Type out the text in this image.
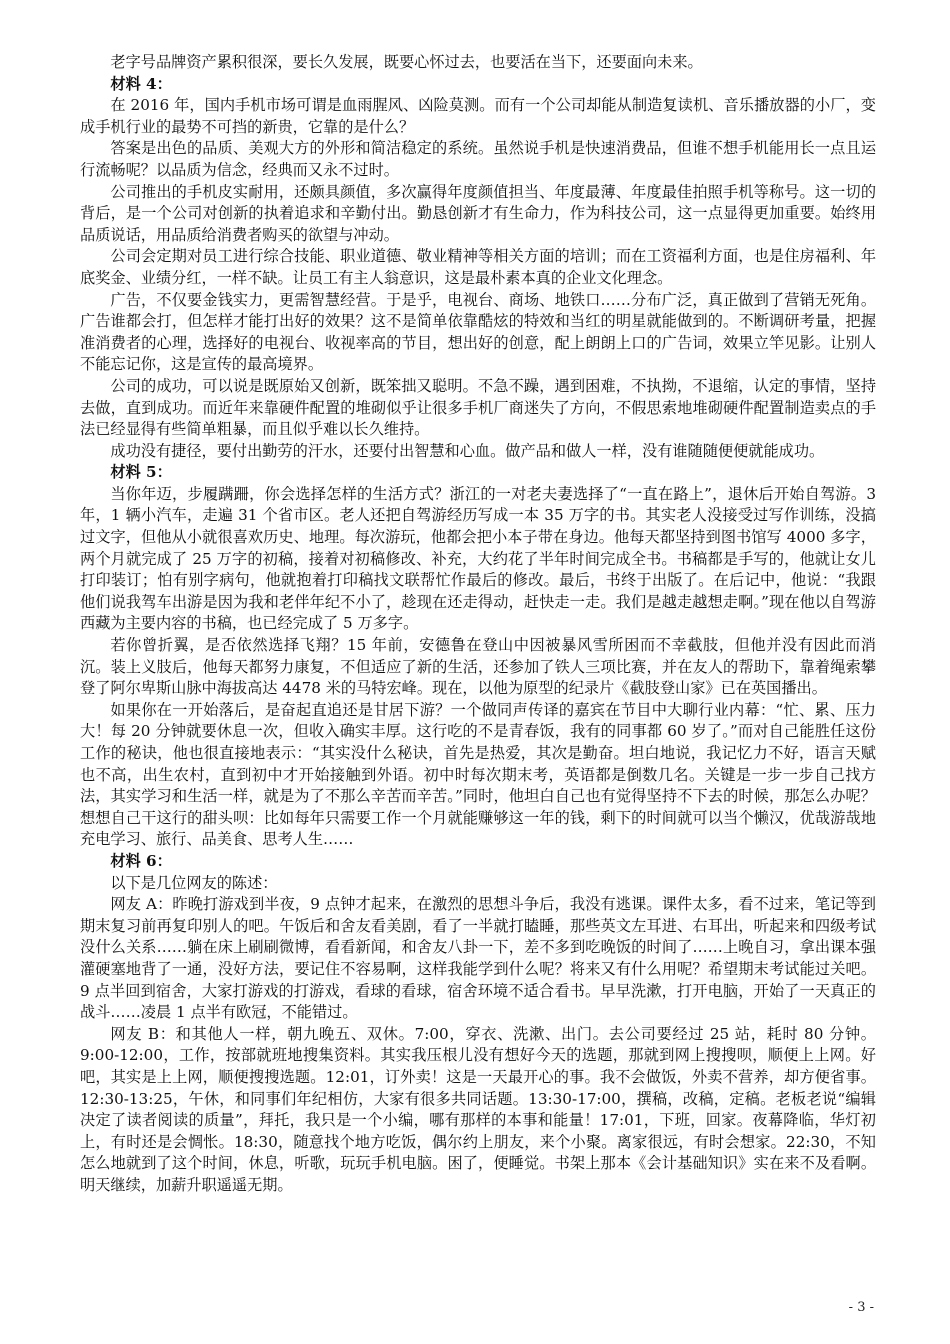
老字号品牌资产累积很深，要长久发展，既要心怀过去，也要活在当下，还要面向未来。

材料 4：

在 2016 年，国内手机市场可谓是血雨腥风、凶险莫测。而有一个公司却能从制造复读机、音乐播放器的小厂，变成手机行业的最势不可挡的新贵，它靠的是什么？

答案是出色的品质、美观大方的外形和简洁稳定的系统。虽然说手机是快速消费品，但谁不想手机能用长一点且运行流畅呢？以品质为信念，经典而又永不过时。

公司推出的手机皮实耐用，还颇具颜值，多次赢得年度颜值担当、年度最薄、年度最佳拍照手机等称号。这一切的背后，是一个公司对创新的执着追求和辛勤付出。勤恳创新才有生命力，作为科技公司，这一点显得更加重要。始终用品质说话，用品质给消费者购买的欲望与冲动。

公司会定期对员工进行综合技能、职业道德、敬业精神等相关方面的培训；而在工资福利方面，也是住房福利、年底奖金、业绩分红，一样不缺。让员工有主人翁意识，这是最朴素本真的企业文化理念。

广告，不仅要金钱实力，更需智慧经营。于是乎，电视台、商场、地铁口……分布广泛，真正做到了营销无死角。广告谁都会打，但怎样才能打出好的效果？这不是简单依靠酷炫的特效和当红的明星就能做到的。不断调研考量，把握准消费者的心理，选择好的电视台、收视率高的节目，想出好的创意，配上朗朗上口的广告词，效果立竿见影。让别人不能忘记你，这是宣传的最高境界。

公司的成功，可以说是既原始又创新，既笨拙又聪明。不急不躁，遇到困难，不执拗，不退缩，认定的事情，坚持去做，直到成功。而近年来靠硬件配置的堆砌似乎让很多手机厂商迷失了方向，不假思索地堆砌硬件配置制造卖点的手法已经显得有些简单粗暴，而且似乎难以长久维持。

成功没有捷径，要付出勤劳的汗水，还要付出智慧和心血。做产品和做人一样，没有谁随随便便就能成功。

材料 5：

当你年迈，步履蹒跚，你会选择怎样的生活方式？浙江的一对老夫妻选择了“一直在路上”，退休后开始自驾游。3 年，1 辆小汽车，走遍 31 个省市区。老人还把自驾游经历写成一本 35 万字的书。其实老人没接受过写作训练，没搞过文字，但他从小就很喜欢历史、地理。每次游玩，他都会把小本子带在身边。他每天都坚持到图书馆写 4000 多字，两个月就完成了 25 万字的初稿，接着对初稿修改、补充，大约花了半年时间完成全书。书稿都是手写的，他就让女儿打印装订；怕有别字病句，他就抱着打印稿找文联帮忙作最后的修改。最后，书终于出版了。在后记中，他说：“我跟他们说我驾车出游是因为我和老伴年纪不小了，趁现在还走得动，赶快走一走。我们是越走越想走啊。”现在他以自驾游西藏为主要内容的书稿，也已经完成了 5 万多字。

若你曾折翼，是否依然选择飞翔？15 年前，安德鲁在登山中因被暴风雪所困而不幸截肢，但他并没有因此而消沉。装上义肢后，他每天都努力康复，不但适应了新的生活，还参加了铁人三项比赛，并在友人的帮助下，靠着绳索攀登了阿尔卑斯山脉中海拔高达 4478 米的马特宏峰。现在，以他为原型的纪录片《截肢登山家》已在英国播出。

如果你在一开始落后，是奋起直追还是甘居下游？一个做同声传译的嘉宾在节目中大聊行业内幕：“忙、累、压力大！每 20 分钟就要休息一次，但收入确实丰厚。这行吃的不是青春饭，我有的同事都 60 岁了。”而对自己能胜任这份工作的秘诀，他也很直接地表示：“其实没什么秘诀，首先是热爱，其次是勤奋。坦白地说，我记忆力不好，语言天赋也不高，出生农村，直到初中才开始接触到外语。初中时每次期末考，英语都是倒数几名。关键是一步一步自己找方法，其实学习和生活一样，就是为了不那么辛苦而辛苦。”同时，他坦白自己也有觉得坚持不下去的时候，那怎么办呢？想想自己干这行的甜头呗：比如每年只需要工作一个月就能赚够这一年的钱，剩下的时间就可以当个懒汉，优哉游哉地充电学习、旅行、品美食、思考人生……

材料 6：

以下是几位网友的陈述：

网友 A：昨晚打游戏到半夜，9 点钟才起来，在激烈的思想斗争后，我没有逃课。课件太多，看不过来，笔记等到期末复习前再复印别人的吧。午饭后和舍友看美剧，看了一半就打瞌睡，那些英文左耳进、右耳出，听起来和四级考试没什么关系……躺在床上刷刷微博，看看新闻，和舍友八卦一下，差不多到吃晚饭的时间了……上晚自习，拿出课本强灌硬塞地背了一通，没好方法，要记住不容易啊，这样我能学到什么呢？将来又有什么用呢？希望期末考试能过关吧。9 点半回到宿舍，大家打游戏的打游戏，看球的看球，宿舍环境不适合看书。早早洗漱，打开电脑，开始了一天真正的战斗……凌晨 1 点半有欧冠，不能错过。

网友 B：和其他人一样，朝九晚五、双休。7:00，穿衣、洗漱、出门。去公司要经过 25 站，耗时 80 分钟。9:00-12:00，工作，按部就班地搜集资料。其实我压根儿没有想好今天的选题，那就到网上搜搜呗，顺便上上网。好吧，其实是上上网，顺便搜搜选题。12:01，订外卖！这是一天最开心的事。我不会做饭，外卖不营养，却方便省事。12:30-13:25，午休，和同事们年纪相仿，大家有很多共同话题。13:30-17:00，撰稿，改稿，定稿。老板老说“编辑决定了读者阅读的质量”，拜托，我只是一个小编，哪有那样的本事和能量！17:01，下班，回家。夜幕降临，华灯初上，有时还是会惆怅。18:30，随意找个地方吃饭，偶尔约上朋友，来个小聚。离家很远，有时会想家。22:30，不知怎么地就到了这个时间，休息，听歌，玩玩手机电脑。困了，便睡觉。书架上那本《会计基础知识》实在来不及看啊。明天继续，加薪升职遥遥无期。

- 3 -
